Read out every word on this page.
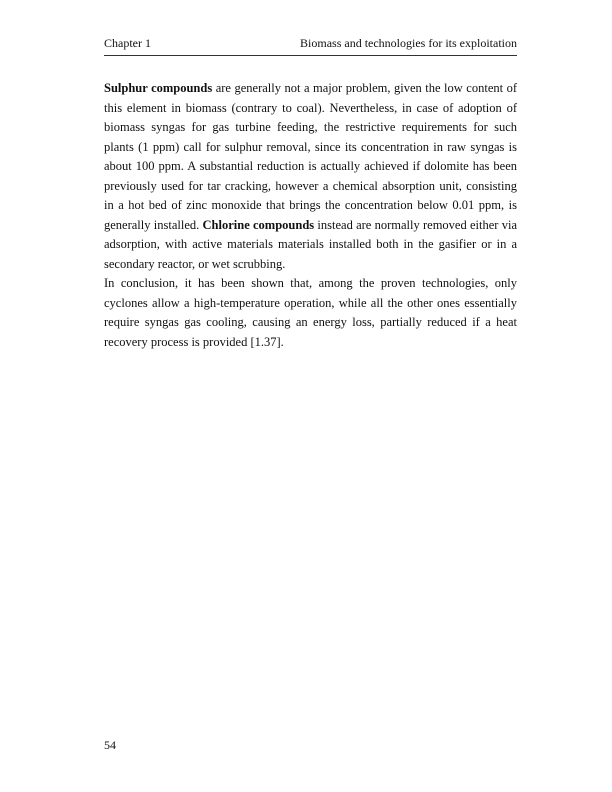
Chapter 1	Biomass and technologies for its exploitation

Sulphur compounds are generally not a major problem, given the low content of this element in biomass (contrary to coal). Nevertheless, in case of adoption of biomass syngas for gas turbine feeding, the restrictive requirements for such plants (1 ppm) call for sulphur removal, since its concentration in raw syngas is about 100 ppm. A substantial reduction is actually achieved if dolomite has been previously used for tar cracking, however a chemical absorption unit, consisting in a hot bed of zinc monoxide that brings the concentration below 0.01 ppm, is generally installed. Chlorine compounds instead are normally removed either via adsorption, with active materials materials installed both in the gasifier or in a secondary reactor, or wet scrubbing.

In conclusion, it has been shown that, among the proven technologies, only cyclones allow a high-temperature operation, while all the other ones essentially require syngas gas cooling, causing an energy loss, partially reduced if a heat recovery process is provided [1.37].

54
